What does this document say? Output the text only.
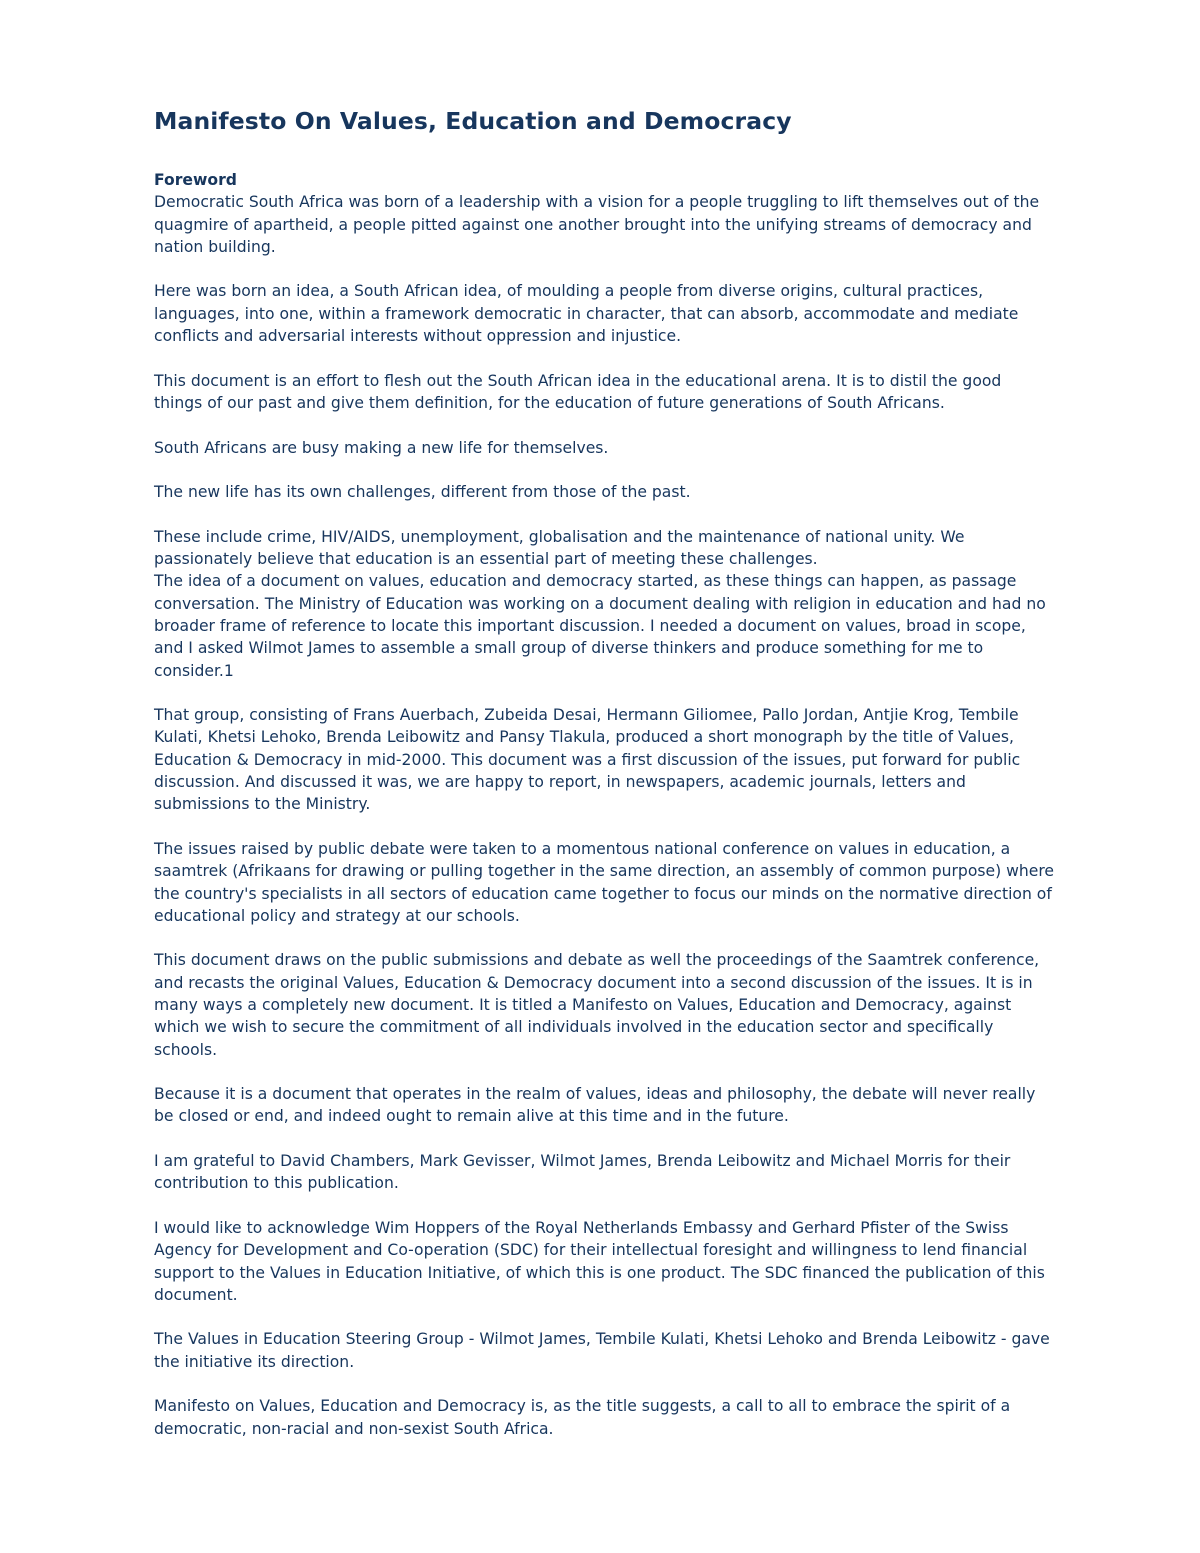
Manifesto On Values, Education and Democracy
Foreword

Democratic South Africa was born of a leadership with a vision for a people truggling to lift themselves out of the quagmire of apartheid, a people pitted against one another brought into the unifying streams of democracy and nation building.

Here was born an idea, a South African idea, of moulding a people from diverse origins, cultural practices, languages, into one, within a framework democratic in character, that can absorb, accommodate and mediate conflicts and adversarial interests without oppression and injustice.

This document is an effort to flesh out the South African idea in the educational arena. It is to distil the good things of our past and give them definition, for the education of future generations of South Africans.

South Africans are busy making a new life for themselves.

The new life has its own challenges, different from those of the past.

These include crime, HIV/AIDS, unemployment, globalisation and the maintenance of national unity. We passionately believe that education is an essential part of meeting these challenges.

The idea of a document on values, education and democracy started, as these things can happen, as passage conversation. The Ministry of Education was working on a document dealing with religion in education and had no broader frame of reference to locate this important discussion. I needed a document on values, broad in scope, and I asked Wilmot James to assemble a small group of diverse thinkers and produce something for me to consider.1

That group, consisting of Frans Auerbach, Zubeida Desai, Hermann Giliomee, Pallo Jordan, Antjie Krog, Tembile Kulati, Khetsi Lehoko, Brenda Leibowitz and Pansy Tlakula, produced a short monograph by the title of Values, Education & Democracy in mid-2000. This document was a first discussion of the issues, put forward for public discussion. And discussed it was, we are happy to report, in newspapers, academic journals, letters and submissions to the Ministry.

The issues raised by public debate were taken to a momentous national conference on values in education, a saamtrek (Afrikaans for drawing or pulling together in the same direction, an assembly of common purpose) where the country's specialists in all sectors of education came together to focus our minds on the normative direction of educational policy and strategy at our schools.

This document draws on the public submissions and debate as well the proceedings of the Saamtrek conference, and recasts the original Values, Education & Democracy document into a second discussion of the issues. It is in many ways a completely new document. It is titled a Manifesto on Values, Education and Democracy, against which we wish to secure the commitment of all individuals involved in the education sector and specifically schools.

Because it is a document that operates in the realm of values, ideas and philosophy, the debate will never really be closed or end, and indeed ought to remain alive at this time and in the future.

I am grateful to David Chambers, Mark Gevisser, Wilmot James, Brenda Leibowitz and Michael Morris for their contribution to this publication.

I would like to acknowledge Wim Hoppers of the Royal Netherlands Embassy and Gerhard Pfister of the Swiss Agency for Development and Co-operation (SDC) for their intellectual foresight and willingness to lend financial support to the Values in Education Initiative, of which this is one product. The SDC financed the publication of this document.

The Values in Education Steering Group - Wilmot James, Tembile Kulati, Khetsi Lehoko and Brenda Leibowitz - gave the initiative its direction.

Manifesto on Values, Education and Democracy is, as the title suggests, a call to all to embrace the spirit of a democratic, non-racial and non-sexist South Africa.
